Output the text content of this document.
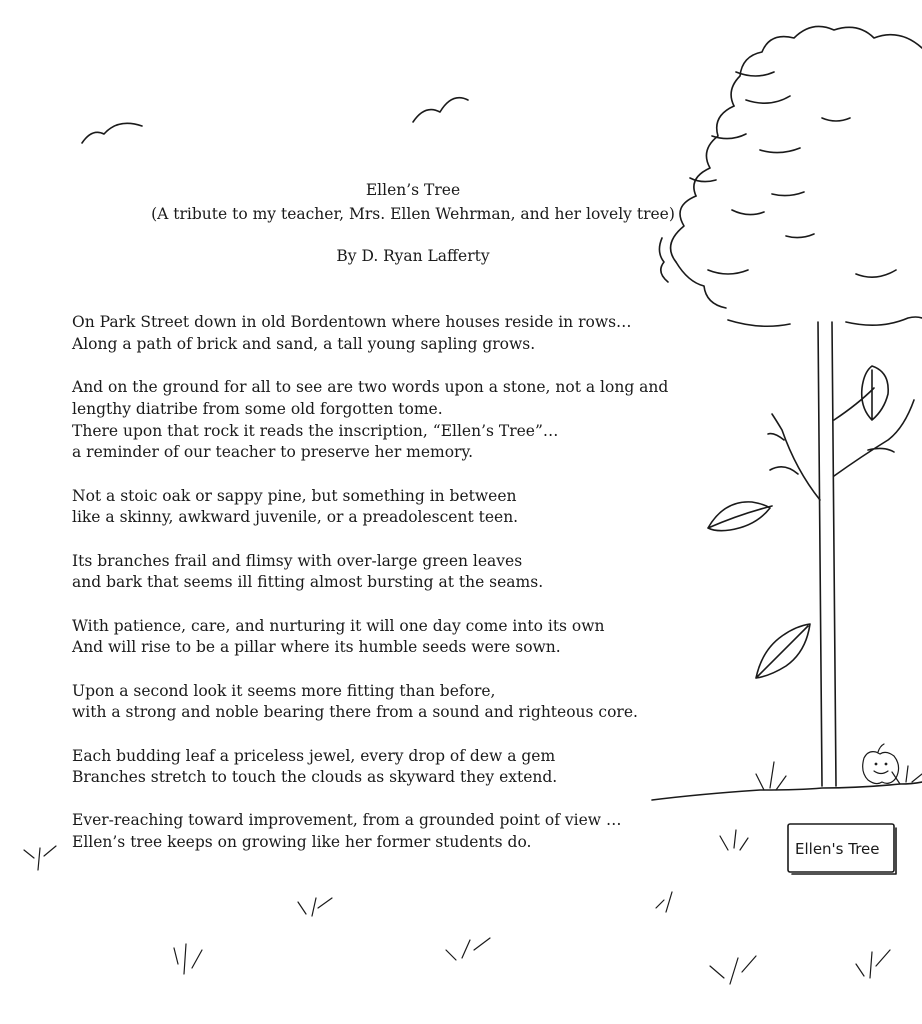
Ellen’s Tree
(A tribute to my teacher, Mrs. Ellen Wehrman, and her lovely tree)
By D. Ryan Lafferty
On Park Street down in old Bordentown where houses reside in rows…
Along a path of brick and sand, a tall young sapling grows.
And on the ground for all to see are two words upon a stone, not a long and
lengthy diatribe from some old forgotten tome.
There upon that rock it reads the inscription, “Ellen’s Tree”…
a reminder of our teacher to preserve her memory.
Not a stoic oak or sappy pine, but something in between
like a skinny, awkward juvenile, or a preadolescent teen.
Its branches frail and flimsy with over-large green leaves
and bark that seems ill fitting almost bursting at the seams.
With patience, care, and nurturing it will one day come into its own
And will rise to be a pillar where its humble seeds were sown.
Upon a second look it seems more fitting than before,
with a strong and noble bearing there from a sound and righteous core.
Each budding leaf a priceless jewel, every drop of dew a gem
Branches stretch to touch the clouds as skyward they extend.
Ever-reaching toward improvement, from a grounded point of view …
Ellen’s tree keeps on growing like her former students do.	Ellen's Tree
